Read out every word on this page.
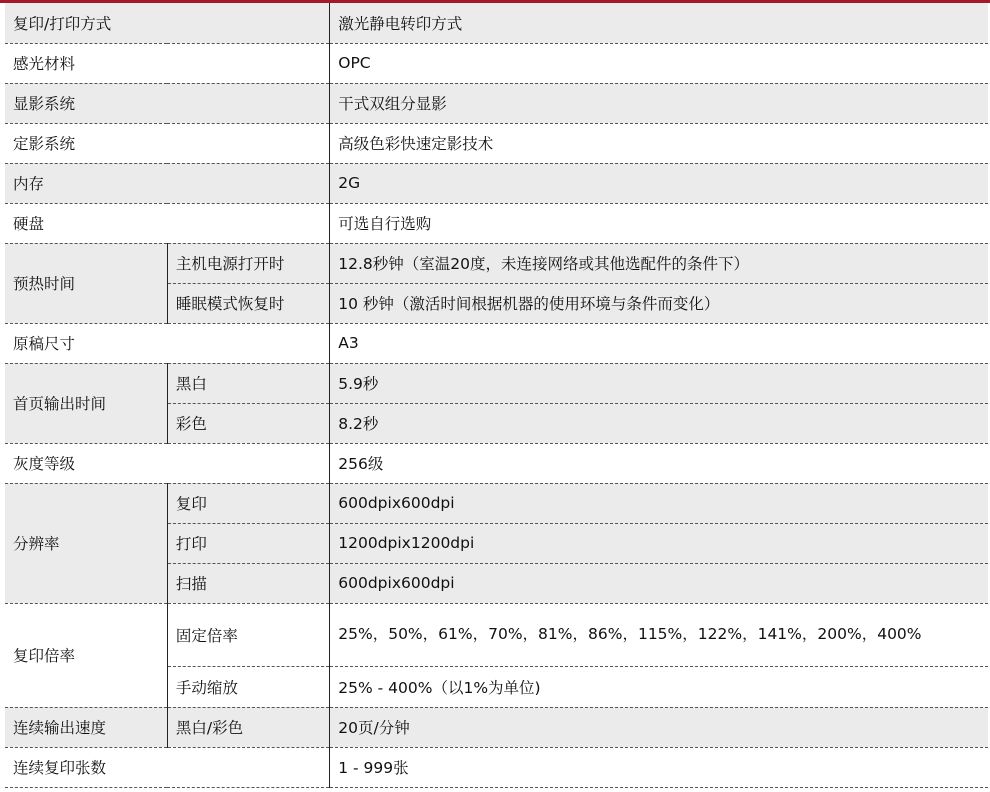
复印/打印方式		激光静电转印方式
感光材料		OPC
显影系统		干式双组分显影
定影系统		高级色彩快速定影技术
内存		2G
硬盘		可选自行选购
预热时间	主机电源打开时	12.8秒钟（室温20度，未连接网络或其他选配件的条件下）
	睡眠模式恢复时	10 秒钟（激活时间根据机器的使用环境与条件而变化）
原稿尺寸		A3
首页输出时间	黑白	5.9秒
	彩色	8.2秒
灰度等级		256级
分辨率	复印	600dpix600dpi
	打印	1200dpix1200dpi
	扫描	600dpix600dpi
复印倍率	固定倍率	25%，50%，61%，70%，81%，86%，115%，122%，141%，200%，400%
	手动缩放	25% - 400%（以1%为单位)
连续输出速度	黑白/彩色	20页/分钟
连续复印张数		1 - 999张
